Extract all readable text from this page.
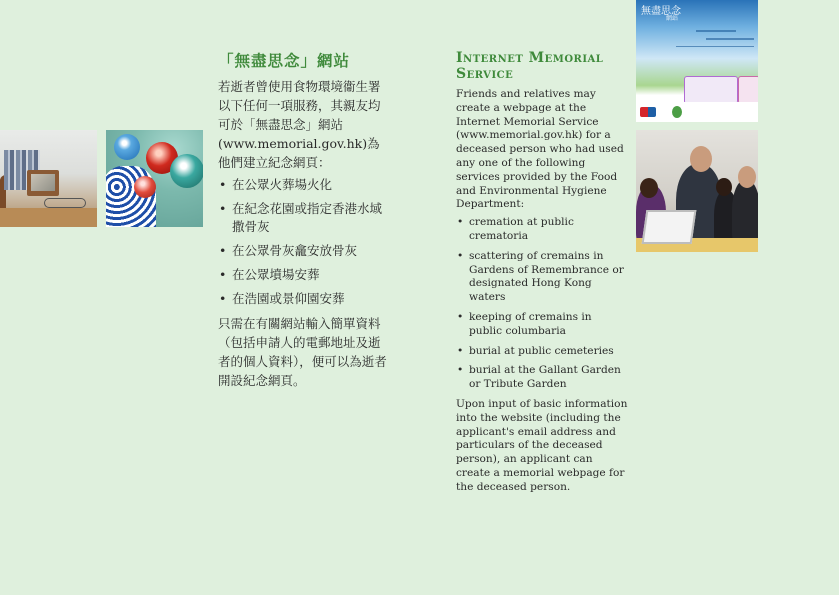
「無盡思念」網站

若逝者曾使用食物環境衞生署以下任何一項服務，其親友均可於「無盡思念」網站(www.memorial.gov.hk)為他們建立紀念網頁：

• 在公眾火葬場火化
• 在紀念花園或指定香港水域撒骨灰
• 在公眾骨灰龕安放骨灰
• 在公眾墳場安葬
• 在浩園或景仰園安葬

只需在有關網站輸入簡單資料（包括申請人的電郵地址及逝者的個人資料），便可以為逝者開設紀念網頁。

Internet Memorial Service

Friends and relatives may create a webpage at the Internet Memorial Service (www.memorial.gov.hk) for a deceased person who had used any one of the following services provided by the Food and Environmental Hygiene Department:

• cremation at public crematoria
• scattering of cremains in Gardens of Remembrance or designated Hong Kong waters
• keeping of cremains in public columbaria
• burial at public cemeteries
• burial at the Gallant Garden or Tribute Garden

Upon input of basic information into the website (including the applicant's email address and particulars of the deceased person), an applicant can create a memorial webpage for the deceased person.

無盡思念
網站
